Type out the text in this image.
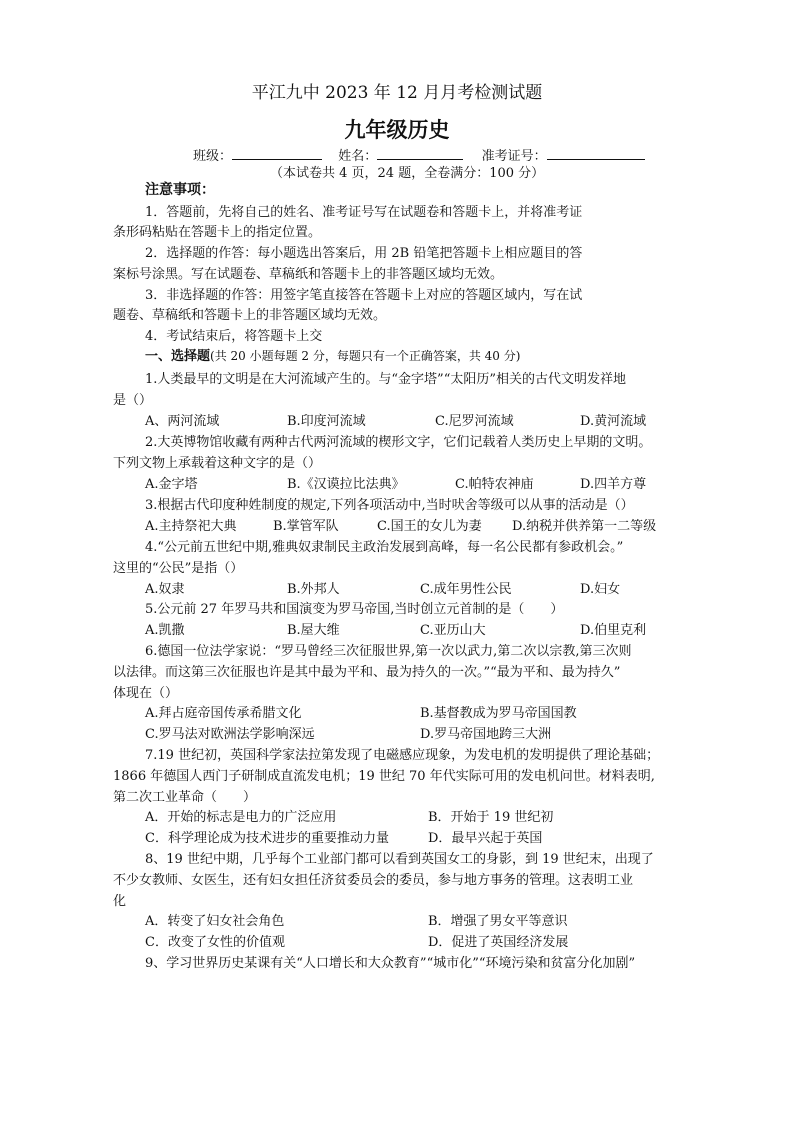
平江九中 2023 年 12 月月考检测试题
九年级历史
班级：	姓名：	准考证号：
（本试卷共 4 页，24 题，全卷满分：100 分）
注意事项：
1．答题前，先将自己的姓名、准考证号写在试题卷和答题卡上，并将准考证
条形码粘贴在答题卡上的指定位置。
2．选择题的作答：每小题选出答案后，用 2B 铅笔把答题卡上相应题目的答
案标号涂黑。写在试题卷、草稿纸和答题卡上的非答题区域均无效。
3．非选择题的作答：用签字笔直接答在答题卡上对应的答题区域内，写在试
题卷、草稿纸和答题卡上的非答题区域均无效。
4．考试结束后，将答题卡上交
一、选择题(共 20 小题每题 2 分，每题只有一个正确答案，共 40 分)
1.人类最早的文明是在大河流域产生的。与“金字塔”“太阳历”相关的古代文明发祥地
是（）
A、两河流域	B.印度河流域	C.尼罗河流域	D.黄河流域
2.大英博物馆收藏有两种古代两河流域的楔形文字，它们记载着人类历史上早期的文明。
下列文物上承载着这种文字的是（）
A.金字塔	B.《汉谟拉比法典》	C.帕特农神庙	D.四羊方尊
3.根据古代印度种姓制度的规定,下列各项活动中,当时吠舍等级可以从事的活动是（）
A.主持祭祀大典	B.掌管军队	C.国王的女儿为妻 D.纳税并供养第一二等级
4.“公元前五世纪中期,雅典奴隶制民主政治发展到高峰，每一名公民都有参政机会。”
这里的“公民”是指（）
A.奴隶	B.外邦人	C.成年男性公民	D.妇女
5.公元前 27 年罗马共和国演变为罗马帝国,当时创立元首制的是（　　）
A.凯撒	B.屋大维	C.亚历山大	D.伯里克利
6.德国一位法学家说：“罗马曾经三次征服世界,第一次以武力,第二次以宗教,第三次则
以法律。而这第三次征服也许是其中最为平和、最为持久的一次。”“最为平和、最为持久”
体现在（）
A.拜占庭帝国传承希腊文化	B.基督教成为罗马帝国国教
C.罗马法对欧洲法学影响深远	D.罗马帝国地跨三大洲
7.19 世纪初，英国科学家法拉第发现了电磁感应现象，为发电机的发明提供了理论基础；
1866 年德国人西门子研制成直流发电机；19 世纪 70 年代实际可用的发电机问世。材料表明,
第二次工业革命（　　）
A．开始的标志是电力的广泛应用	B．开始于 19 世纪初
C．科学理论成为技术进步的重要推动力量	D．最早兴起于英国
8、19 世纪中期，几乎每个工业部门都可以看到英国女工的身影，到 19 世纪末，出现了
不少女教师、女医生，还有妇女担任济贫委员会的委员，参与地方事务的管理。这表明工业
化
A．转变了妇女社会角色	B．增强了男女平等意识
C．改变了女性的价值观	D．促进了英国经济发展
9、学习世界历史某课有关“人口增长和大众教育”“城市化”“环境污染和贫富分化加剧”
